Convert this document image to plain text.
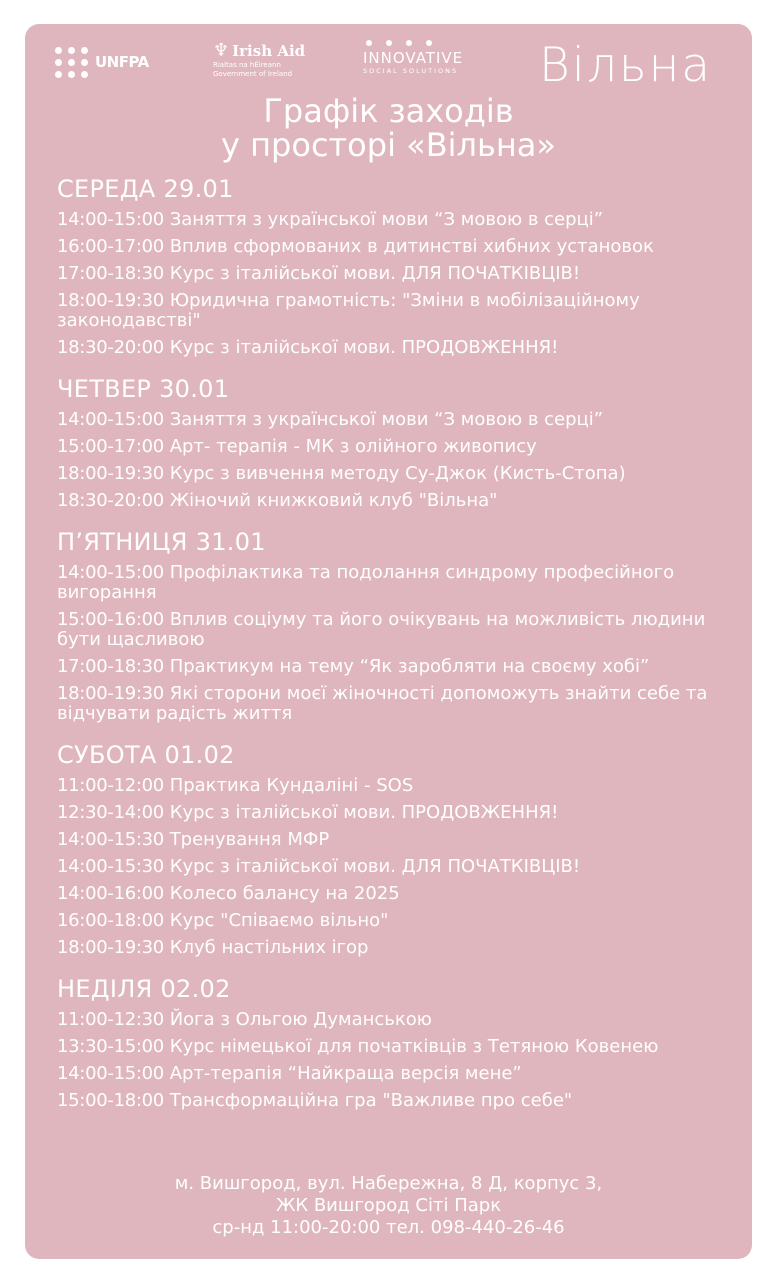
UNFPA
♆ Irish Aid
Rialtas na hÉireann
Government of Ireland
INNOVATIVE
SOCIAL SOLUTIONS Вільна
Графік заходів
у просторі «Вільна»
СЕРЕДА 29.01
14:00-15:00 Заняття з української мови “З мовою в серці”
16:00-17:00 Вплив сформованих в дитинстві хибних установок
17:00-18:30 Курс з італійської мови. ДЛЯ ПОЧАТКІВЦІВ!
18:00-19:30 Юридична грамотність: "Зміни в мобілізаційному законодавстві"
18:30-20:00 Курс з італійської мови. ПРОДОВЖЕННЯ!
ЧЕТВЕР 30.01
14:00-15:00 Заняття з української мови “З мовою в серці”
15:00-17:00 Арт- терапія - МК з олійного живопису
18:00-19:30 Курс з вивчення методу Су-Джок (Кисть-Стопа)
18:30-20:00 Жіночий книжковий клуб "Вільна"
П’ЯТНИЦЯ 31.01
14:00-15:00 Профілактика та подолання синдрому професійного вигорання
15:00-16:00 Вплив соціуму та його очікувань на можливість людини бути щасливою
17:00-18:30 Практикум на тему “Як заробляти на своєму хобі”
18:00-19:30 Які сторони моєї жіночності допоможуть знайти себе та відчувати радість життя
СУБОТА 01.02
11:00-12:00 Практика Кундаліні - SOS
12:30-14:00 Курс з італійської мови. ПРОДОВЖЕННЯ!
14:00-15:30 Тренування МФР
14:00-15:30 Курс з італійської мови. ДЛЯ ПОЧАТКІВЦІВ!
14:00-16:00 Колесо балансу на 2025
16:00-18:00 Курс "Співаємо вільно"
18:00-19:30 Клуб настільних ігор
НЕДІЛЯ 02.02
11:00-12:30 Йога з Ольгою Думанською
13:30-15:00 Курс німецької для початківців з Тетяною Ковенею
14:00-15:00 Арт-терапія “Найкраща версія мене”
15:00-18:00 Трансформаційна гра "Важливе про себе"
м. Вишгород, вул. Набережна, 8 Д, корпус 3,
ЖК Вишгород Сіті Парк
ср-нд 11:00-20:00 тел. 098-440-26-46
